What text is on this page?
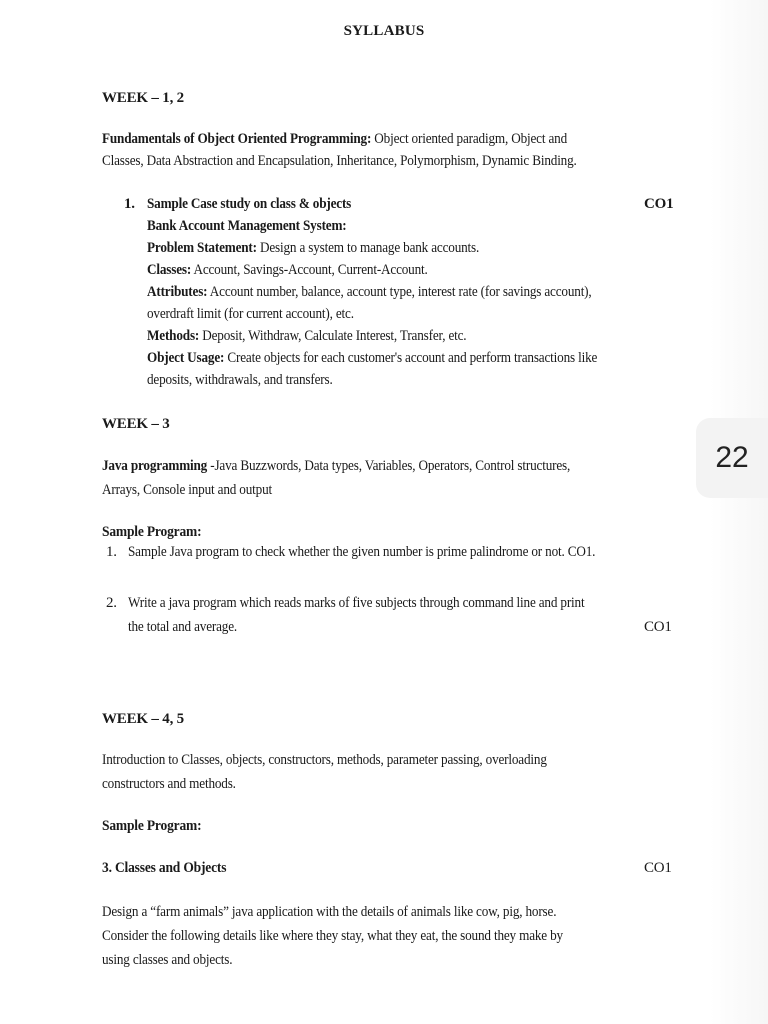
22
SYLLABUS

WEEK – 1, 2

Fundamentals of Object Oriented Programming: Object oriented paradigm, Object and

Classes, Data Abstraction and Encapsulation, Inheritance, Polymorphism, Dynamic Binding.

1. Sample Case study on class & objects	CO1

Bank Account Management System:

Problem Statement: Design a system to manage bank accounts.

Classes: Account, Savings-Account, Current-Account.

Attributes: Account number, balance, account type, interest rate (for savings account),

overdraft limit (for current account), etc.

Methods: Deposit, Withdraw, Calculate Interest, Transfer, etc.

Object Usage: Create objects for each customer's account and perform transactions like

deposits, withdrawals, and transfers.

WEEK – 3

Java programming -Java Buzzwords, Data types, Variables, Operators, Control structures,

Arrays, Console input and output

Sample Program:

1. Sample Java program to check whether the given number is prime palindrome or not. CO1.

2. Write a java program which reads marks of five subjects through command line and print

the total and average.	CO1

WEEK – 4, 5

Introduction to Classes, objects, constructors, methods, parameter passing, overloading

constructors and methods.

Sample Program:

3. Classes and Objects	CO1

Design a “farm animals” java application with the details of animals like cow, pig, horse.

Consider the following details like where they stay, what they eat, the sound they make by

using classes and objects.
